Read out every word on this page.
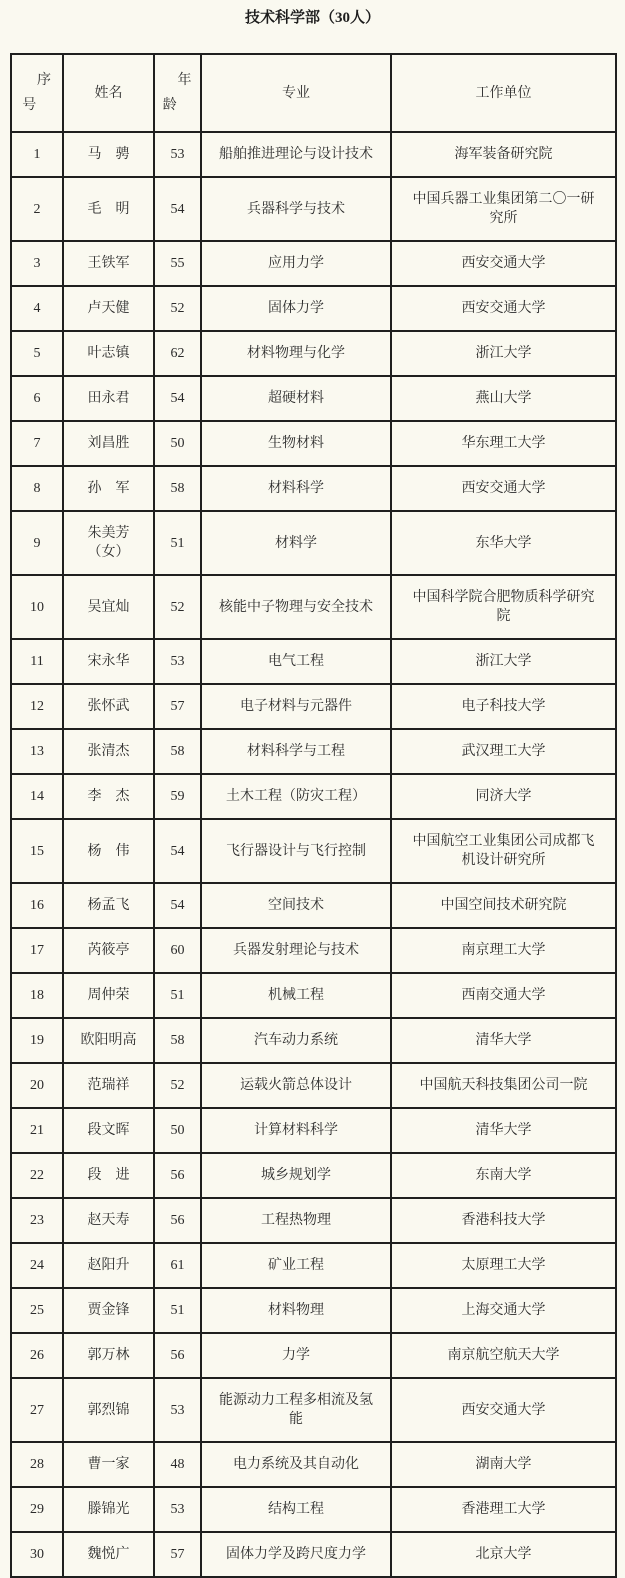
技术科学部（30人）
序号	姓名	年龄	专业	工作单位
1	马　骋	53	船舶推进理论与设计技术	海军装备研究院
2	毛　明	54	兵器科学与技术	中国兵器工业集团第二〇一研究所
3	王铁军	55	应用力学	西安交通大学
4	卢天健	52	固体力学	西安交通大学
5	叶志镇	62	材料物理与化学	浙江大学
6	田永君	54	超硬材料	燕山大学
7	刘昌胜	50	生物材料	华东理工大学
8	孙　军	58	材料科学	西安交通大学
9	朱美芳（女）	51	材料学	东华大学
10	吴宜灿	52	核能中子物理与安全技术	中国科学院合肥物质科学研究院
11	宋永华	53	电气工程	浙江大学
12	张怀武	57	电子材料与元器件	电子科技大学
13	张清杰	58	材料科学与工程	武汉理工大学
14	李　杰	59	土木工程（防灾工程）	同济大学
15	杨　伟	54	飞行器设计与飞行控制	中国航空工业集团公司成都飞机设计研究所
16	杨孟飞	54	空间技术	中国空间技术研究院
17	芮筱亭	60	兵器发射理论与技术	南京理工大学
18	周仲荣	51	机械工程	西南交通大学
19	欧阳明高	58	汽车动力系统	清华大学
20	范瑞祥	52	运载火箭总体设计	中国航天科技集团公司一院
21	段文晖	50	计算材料科学	清华大学
22	段　进	56	城乡规划学	东南大学
23	赵天寿	56	工程热物理	香港科技大学
24	赵阳升	61	矿业工程	太原理工大学
25	贾金锋	51	材料物理	上海交通大学
26	郭万林	56	力学	南京航空航天大学
27	郭烈锦	53	能源动力工程多相流及氢能	西安交通大学
28	曹一家	48	电力系统及其自动化	湖南大学
29	滕锦光	53	结构工程	香港理工大学
30	魏悦广	57	固体力学及跨尺度力学	北京大学
